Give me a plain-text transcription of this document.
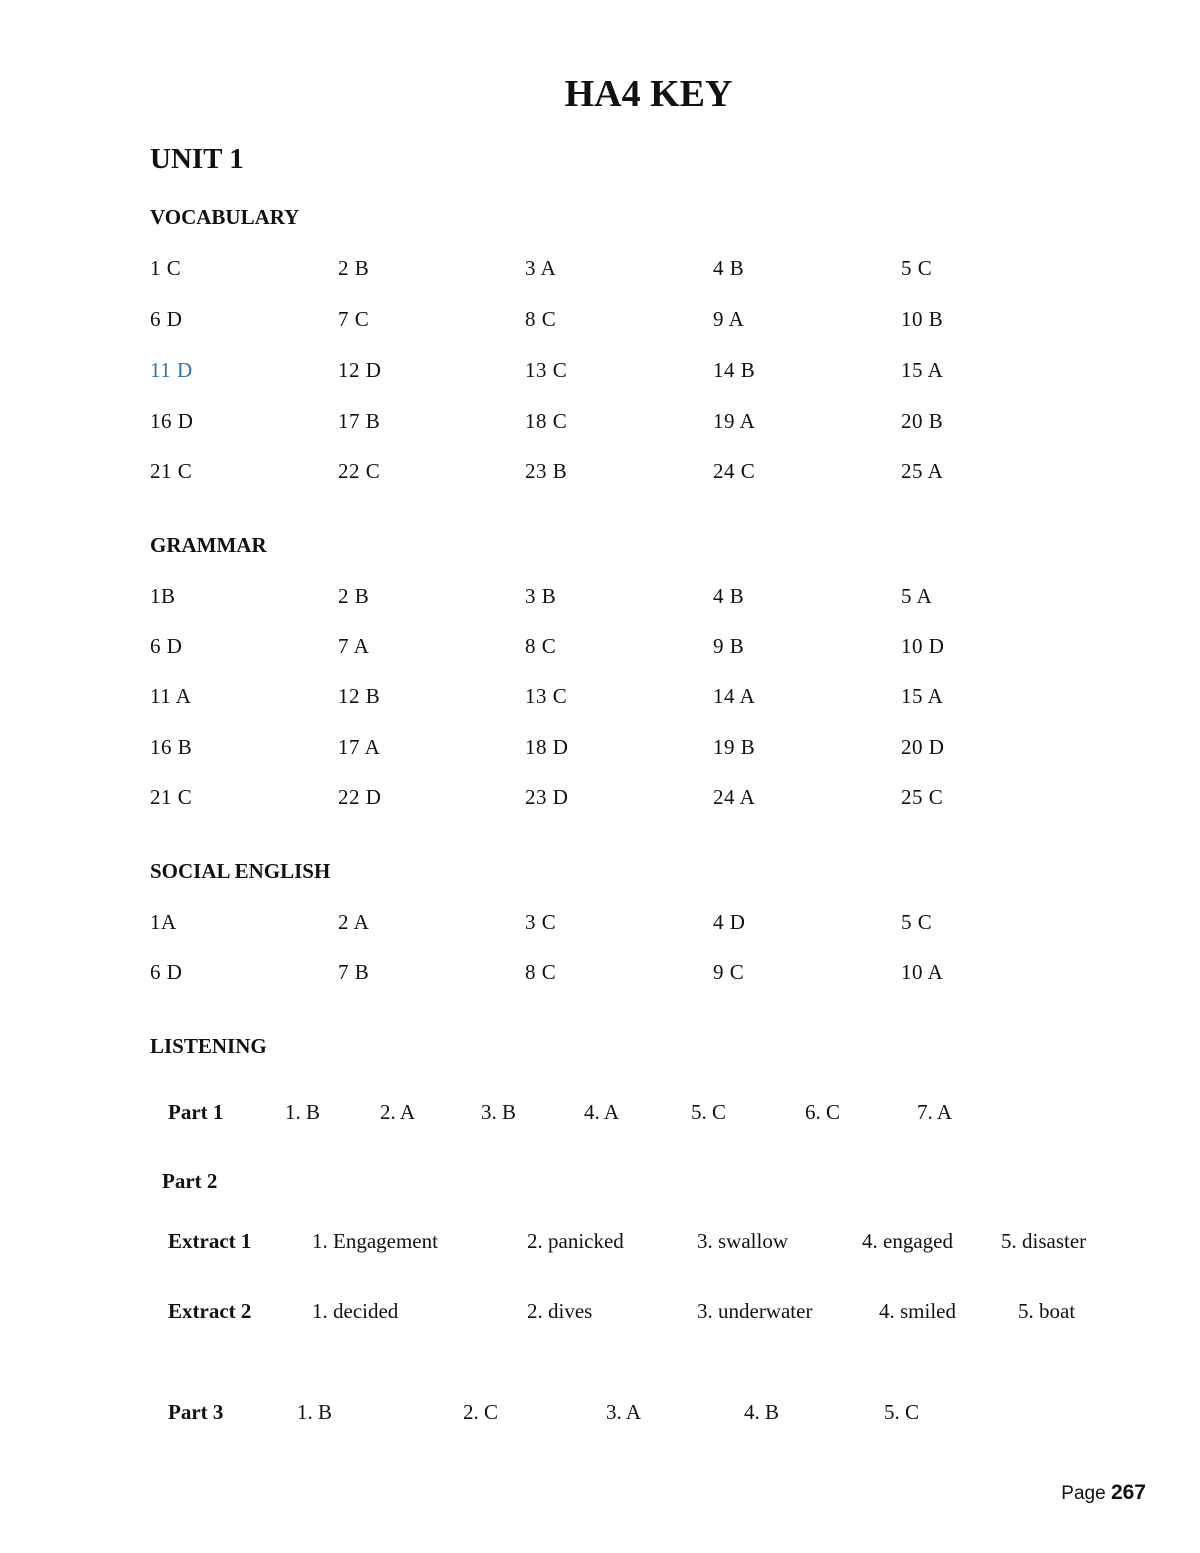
HA4 KEY
UNIT 1
VOCABULARY
1 C	2 B	3 A	4 B	5 C
6 D	7 C	8 C	9 A	10 B
11 D	12 D	13 C	14 B	15 A
16 D	17 B	18 C	19 A	20 B
21 C	22 C	23 B	24 C	25 A
GRAMMAR
1B	2 B	3 B	4 B	5 A
6 D	7 A	8 C	9 B	10 D
11 A	12 B	13 C	14 A	15 A
16 B	17 A	18 D	19 B	20 D
21 C	22 D	23 D	24 A	25 C
SOCIAL ENGLISH
1A	2 A	3 C	4 D	5 C
6 D	7 B	8 C	9 C	10 A
LISTENING
Part 1	1. B	2. A	3. B	4. A	5. C	6. C	7. A
Part 2
Extract 1	1. Engagement	2. panicked	3. swallow	4. engaged 5. disaster
Extract 2	1. decided	2. dives	3. underwater	4. smiled	5. boat
Part 3	1. B	2. C	3. A	4. B	5. C
Page 267
